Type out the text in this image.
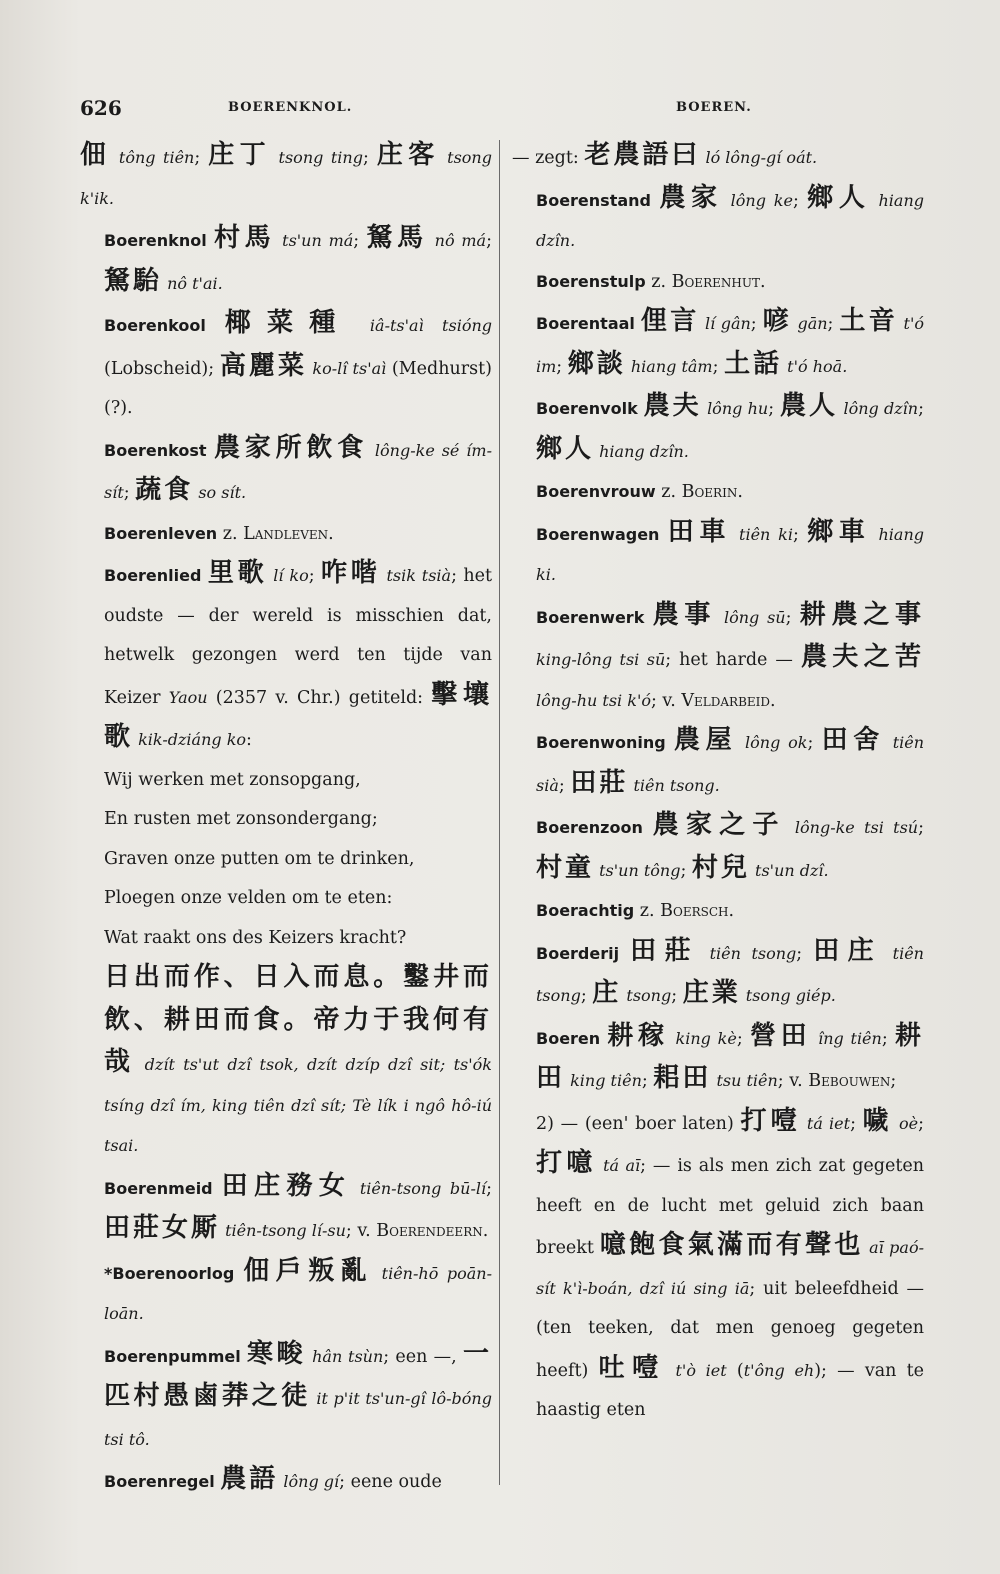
626	BOERENKNOL.	BOEREN.
佃 tông tiên; 庄丁 tsong ting; 庄客 tsong k'ik.
Boerenknol 村馬 ts'un má; 駑馬 nô má; 駑駘 nô t'ai.
Boerenkool 椰菜種 iâ-ts'aì tsióng (Lobscheid); 高麗菜 ko-lî ts'aì (Medhurst) (?).
Boerenkost 農家所飲食 lông-ke sé ím-sít; 蔬食 so sít.
Boerenleven z. Landleven.
Boerenlied 里歌 lí ko; 咋喈 tsik tsià; het oudste — der wereld is misschien dat, hetwelk gezongen werd ten tijde van Keizer Yaou (2357 v. Chr.) getiteld: 擊壤歌 kik-dziáng ko:
Wij werken met zonsopgang,
En rusten met zonsondergang;
Graven onze putten om te drinken,
Ploegen onze velden om te eten:
Wat raakt ons des Keizers kracht?
日出而作、日入而息。鑿井而飲、耕田而食。帝力于我何有哉 dzít ts'ut dzî tsok, dzít dzíp dzî sit; ts'ók tsíng dzî ím, king tiên dzî sít; Tè lík i ngô hô-iú tsai.
Boerenmeid 田庄務女 tiên-tsong bū-lí; 田莊女厮 tiên-tsong lí-su; v. Boerendeern.
*Boerenoorlog 佃戶叛亂 tiên-hō poān-loān.
Boerenpummel 寒畯 hân tsùn; een —, 一匹村愚鹵莽之徒 it p'it ts'un-gî lô-bóng tsi tô.
Boerenregel 農語 lông gí; eene oude
— zegt: 老農語曰 ló lông-gí oát.
Boerenstand 農家 lông ke; 鄉人 hiang dzîn.
Boerenstulp z. Boerenhut.
Boerentaal 俚言 lí gân; 喭 gān; 土音 t'ó im; 鄉談 hiang tâm; 土話 t'ó hoā.
Boerenvolk 農夫 lông hu; 農人 lông dzîn; 鄉人 hiang dzîn.
Boerenvrouw z. Boerin.
Boerenwagen 田車 tiên ki; 鄉車 hiang ki.
Boerenwerk 農事 lông sū; 耕農之事 king-lông tsi sū; het harde — 農夫之苦 lông-hu tsi k'ó; v. Veldarbeid.
Boerenwoning 農屋 lông ok; 田舍 tiên sià; 田莊 tiên tsong.
Boerenzoon 農家之子 lông-ke tsi tsú; 村童 ts'un tông; 村兒 ts'un dzî.
Boerachtig z. Boersch.
Boerderij 田莊 tiên tsong; 田庄 tiên tsong; 庄 tsong; 庄業 tsong giép.
Boeren 耕稼 king kè; 營田 îng tiên; 耕田 king tiên; 耜田 tsu tiên; v. Bebouwen;
2) — (een' boer laten) 打噎 tá iet; 噦 oè; 打噫 tá aī; — is als men zich zat gegeten heeft en de lucht met geluid zich baan breekt 噫飽食氣滿而有聲也 aī paó-sít k'ì-boán, dzî iú sing iā; uit beleefdheid — (ten teeken, dat men genoeg gegeten heeft) 吐噎 t'ò iet (t'ông eh); — van te haastig eten
